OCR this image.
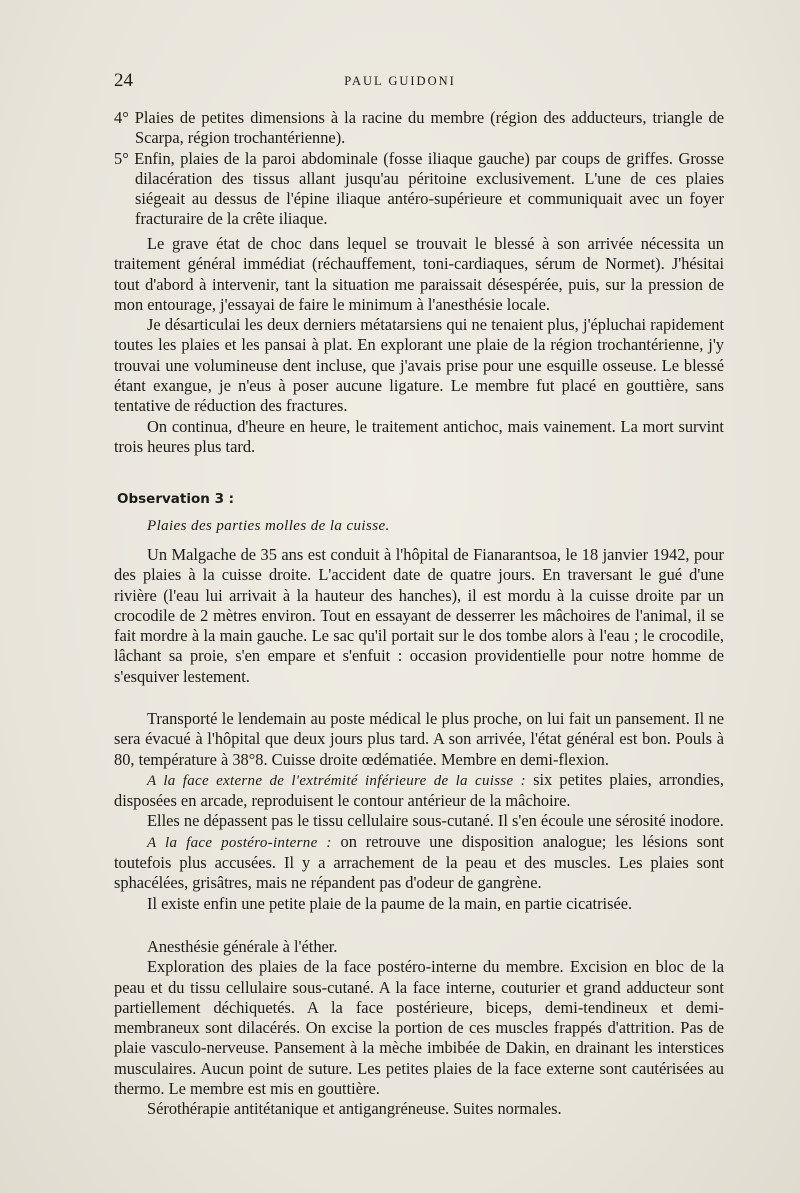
24	PAUL GUIDONI

4° Plaies de petites dimensions à la racine du membre (région des adducteurs, triangle de Scarpa, région trochantérienne).

5° Enfin, plaies de la paroi abdominale (fosse iliaque gauche) par coups de griffes. Grosse dilacération des tissus allant jusqu'au péritoine exclusivement. L'une de ces plaies siégeait au dessus de l'épine iliaque antéro-supérieure et communiquait avec un foyer fracturaire de la crête iliaque.

Le grave état de choc dans lequel se trouvait le blessé à son arrivée nécessita un traitement général immédiat (réchauffement, toni-cardiaques, sérum de Normet). J'hésitai tout d'abord à intervenir, tant la situation me paraissait désespérée, puis, sur la pression de mon entourage, j'essayai de faire le minimum à l'anesthésie locale.

Je désarticulai les deux derniers métatarsiens qui ne tenaient plus, j'épluchai rapidement toutes les plaies et les pansai à plat. En explorant une plaie de la région trochantérienne, j'y trouvai une volumineuse dent incluse, que j'avais prise pour une esquille osseuse. Le blessé étant exangue, je n'eus à poser aucune ligature. Le membre fut placé en gouttière, sans tentative de réduction des fractures.

On continua, d'heure en heure, le traitement antichoc, mais vainement. La mort survint trois heures plus tard.

Observation 3 :
Plaies des parties molles de la cuisse.

Un Malgache de 35 ans est conduit à l'hôpital de Fianarantsoa, le 18 janvier 1942, pour des plaies à la cuisse droite. L'accident date de quatre jours. En traversant le gué d'une rivière (l'eau lui arrivait à la hauteur des hanches), il est mordu à la cuisse droite par un crocodile de 2 mètres environ. Tout en essayant de desserrer les mâchoires de l'animal, il se fait mordre à la main gauche. Le sac qu'il portait sur le dos tombe alors à l'eau ; le crocodile, lâchant sa proie, s'en empare et s'enfuit : occasion providentielle pour notre homme de s'esquiver lestement.

Transporté le lendemain au poste médical le plus proche, on lui fait un pansement. Il ne sera évacué à l'hôpital que deux jours plus tard. A son arrivée, l'état général est bon. Pouls à 80, température à 38°8. Cuisse droite œdématiée. Membre en demi-flexion.

A la face externe de l'extrémité inférieure de la cuisse : six petites plaies, arrondies, disposées en arcade, reproduisent le contour antérieur de la mâchoire.

Elles ne dépassent pas le tissu cellulaire sous-cutané. Il s'en écoule une sérosité inodore.

A la face postéro-interne : on retrouve une disposition analogue; les lésions sont toutefois plus accusées. Il y a arrachement de la peau et des muscles. Les plaies sont sphacélées, grisâtres, mais ne répandent pas d'odeur de gangrène.

Il existe enfin une petite plaie de la paume de la main, en partie cicatrisée.

Anesthésie générale à l'éther.

Exploration des plaies de la face postéro-interne du membre. Excision en bloc de la peau et du tissu cellulaire sous-cutané. A la face interne, couturier et grand adducteur sont partiellement déchiquetés. A la face postérieure, biceps, demi-tendineux et demi-membraneux sont dilacérés. On excise la portion de ces muscles frappés d'attrition. Pas de plaie vasculo-nerveuse. Pansement à la mèche imbibée de Dakin, en drainant les interstices musculaires. Aucun point de suture. Les petites plaies de la face externe sont cautérisées au thermo. Le membre est mis en gouttière.

Sérothérapie antitétanique et antigangréneuse. Suites normales.
